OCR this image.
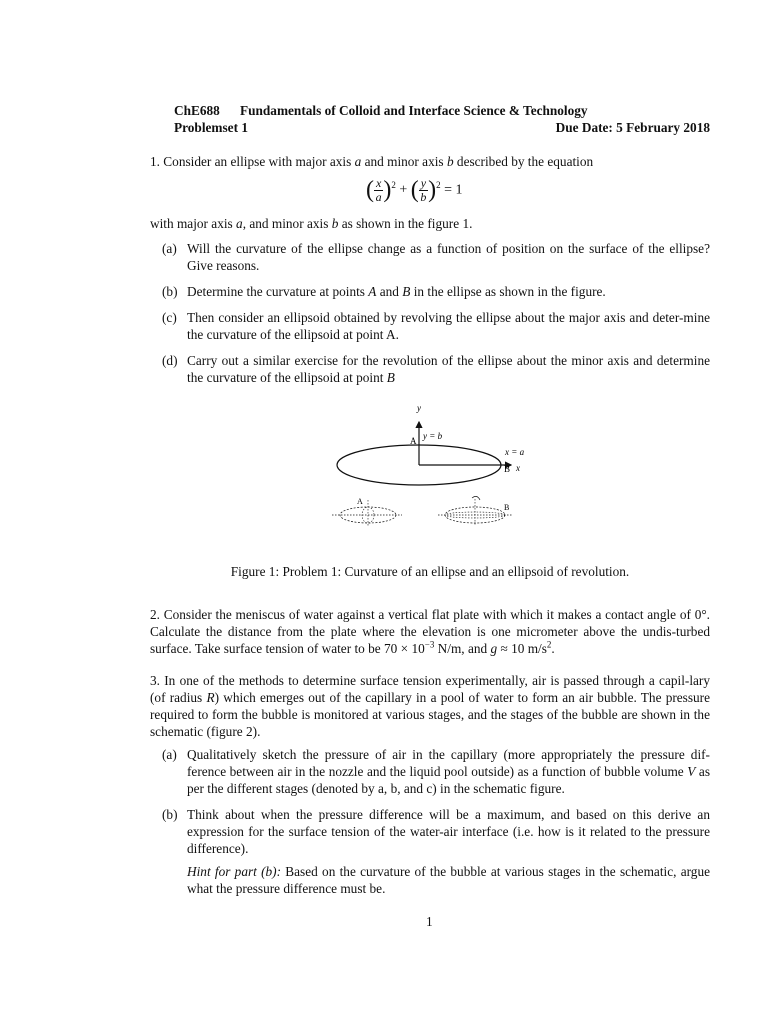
ChE688 Fundamentals of Colloid and Interface Science & Technology
Problemset 1	Due Date: 5 February 2018
1. Consider an ellipse with major axis a and minor axis b described by the equation
( $\frac{x}{a} )^2$ + ( $\frac{y}{b} )^2 = 1$
with major axis a, and minor axis b as shown in the figure 1.
(a) Will the curvature of the ellipse change as a function of position on the surface of the ellipse? Give reasons.
(b) Determine the curvature at points A and B in the ellipse as shown in the figure.
(c) Then consider an ellipsoid obtained by revolving the ellipse about the major axis and deter-mine the curvature of the ellipsoid at point A.
(d) Carry out a similar exercise for the revolution of the ellipse about the minor axis and determine the curvature of the ellipsoid at point B
y
A y = b
x = a
B x
A
B
Figure 1: Problem 1: Curvature of an ellipse and an ellipsoid of revolution.
2. Consider the meniscus of water against a vertical flat plate with which it makes a contact angle of 0°. Calculate the distance from the plate where the elevation is one micrometer above the undis-turbed surface. Take surface tension of water to be $70 \times 10^{-3}$ N/m, and g ≈ 10 $m/s^2$.
3. In one of the methods to determine surface tension experimentally, air is passed through a capil-lary (of radius R) which emerges out of the capillary in a pool of water to form an air bubble. The pressure required to form the bubble is monitored at various stages, and the stages of the bubble are shown in the schematic (figure 2).
(a) Qualitatively sketch the pressure of air in the capillary (more appropriately the pressure dif-ference between air in the nozzle and the liquid pool outside) as a function of bubble volume V as per the different stages (denoted by a, b, and c) in the schematic figure.
(b) Think about when the pressure difference will be a maximum, and based on this derive an expression for the surface tension of the water-air interface (i.e. how is it related to the pressure difference).
Hint for part (b): Based on the curvature of the bubble at various stages in the schematic, argue what the pressure difference must be.
1
